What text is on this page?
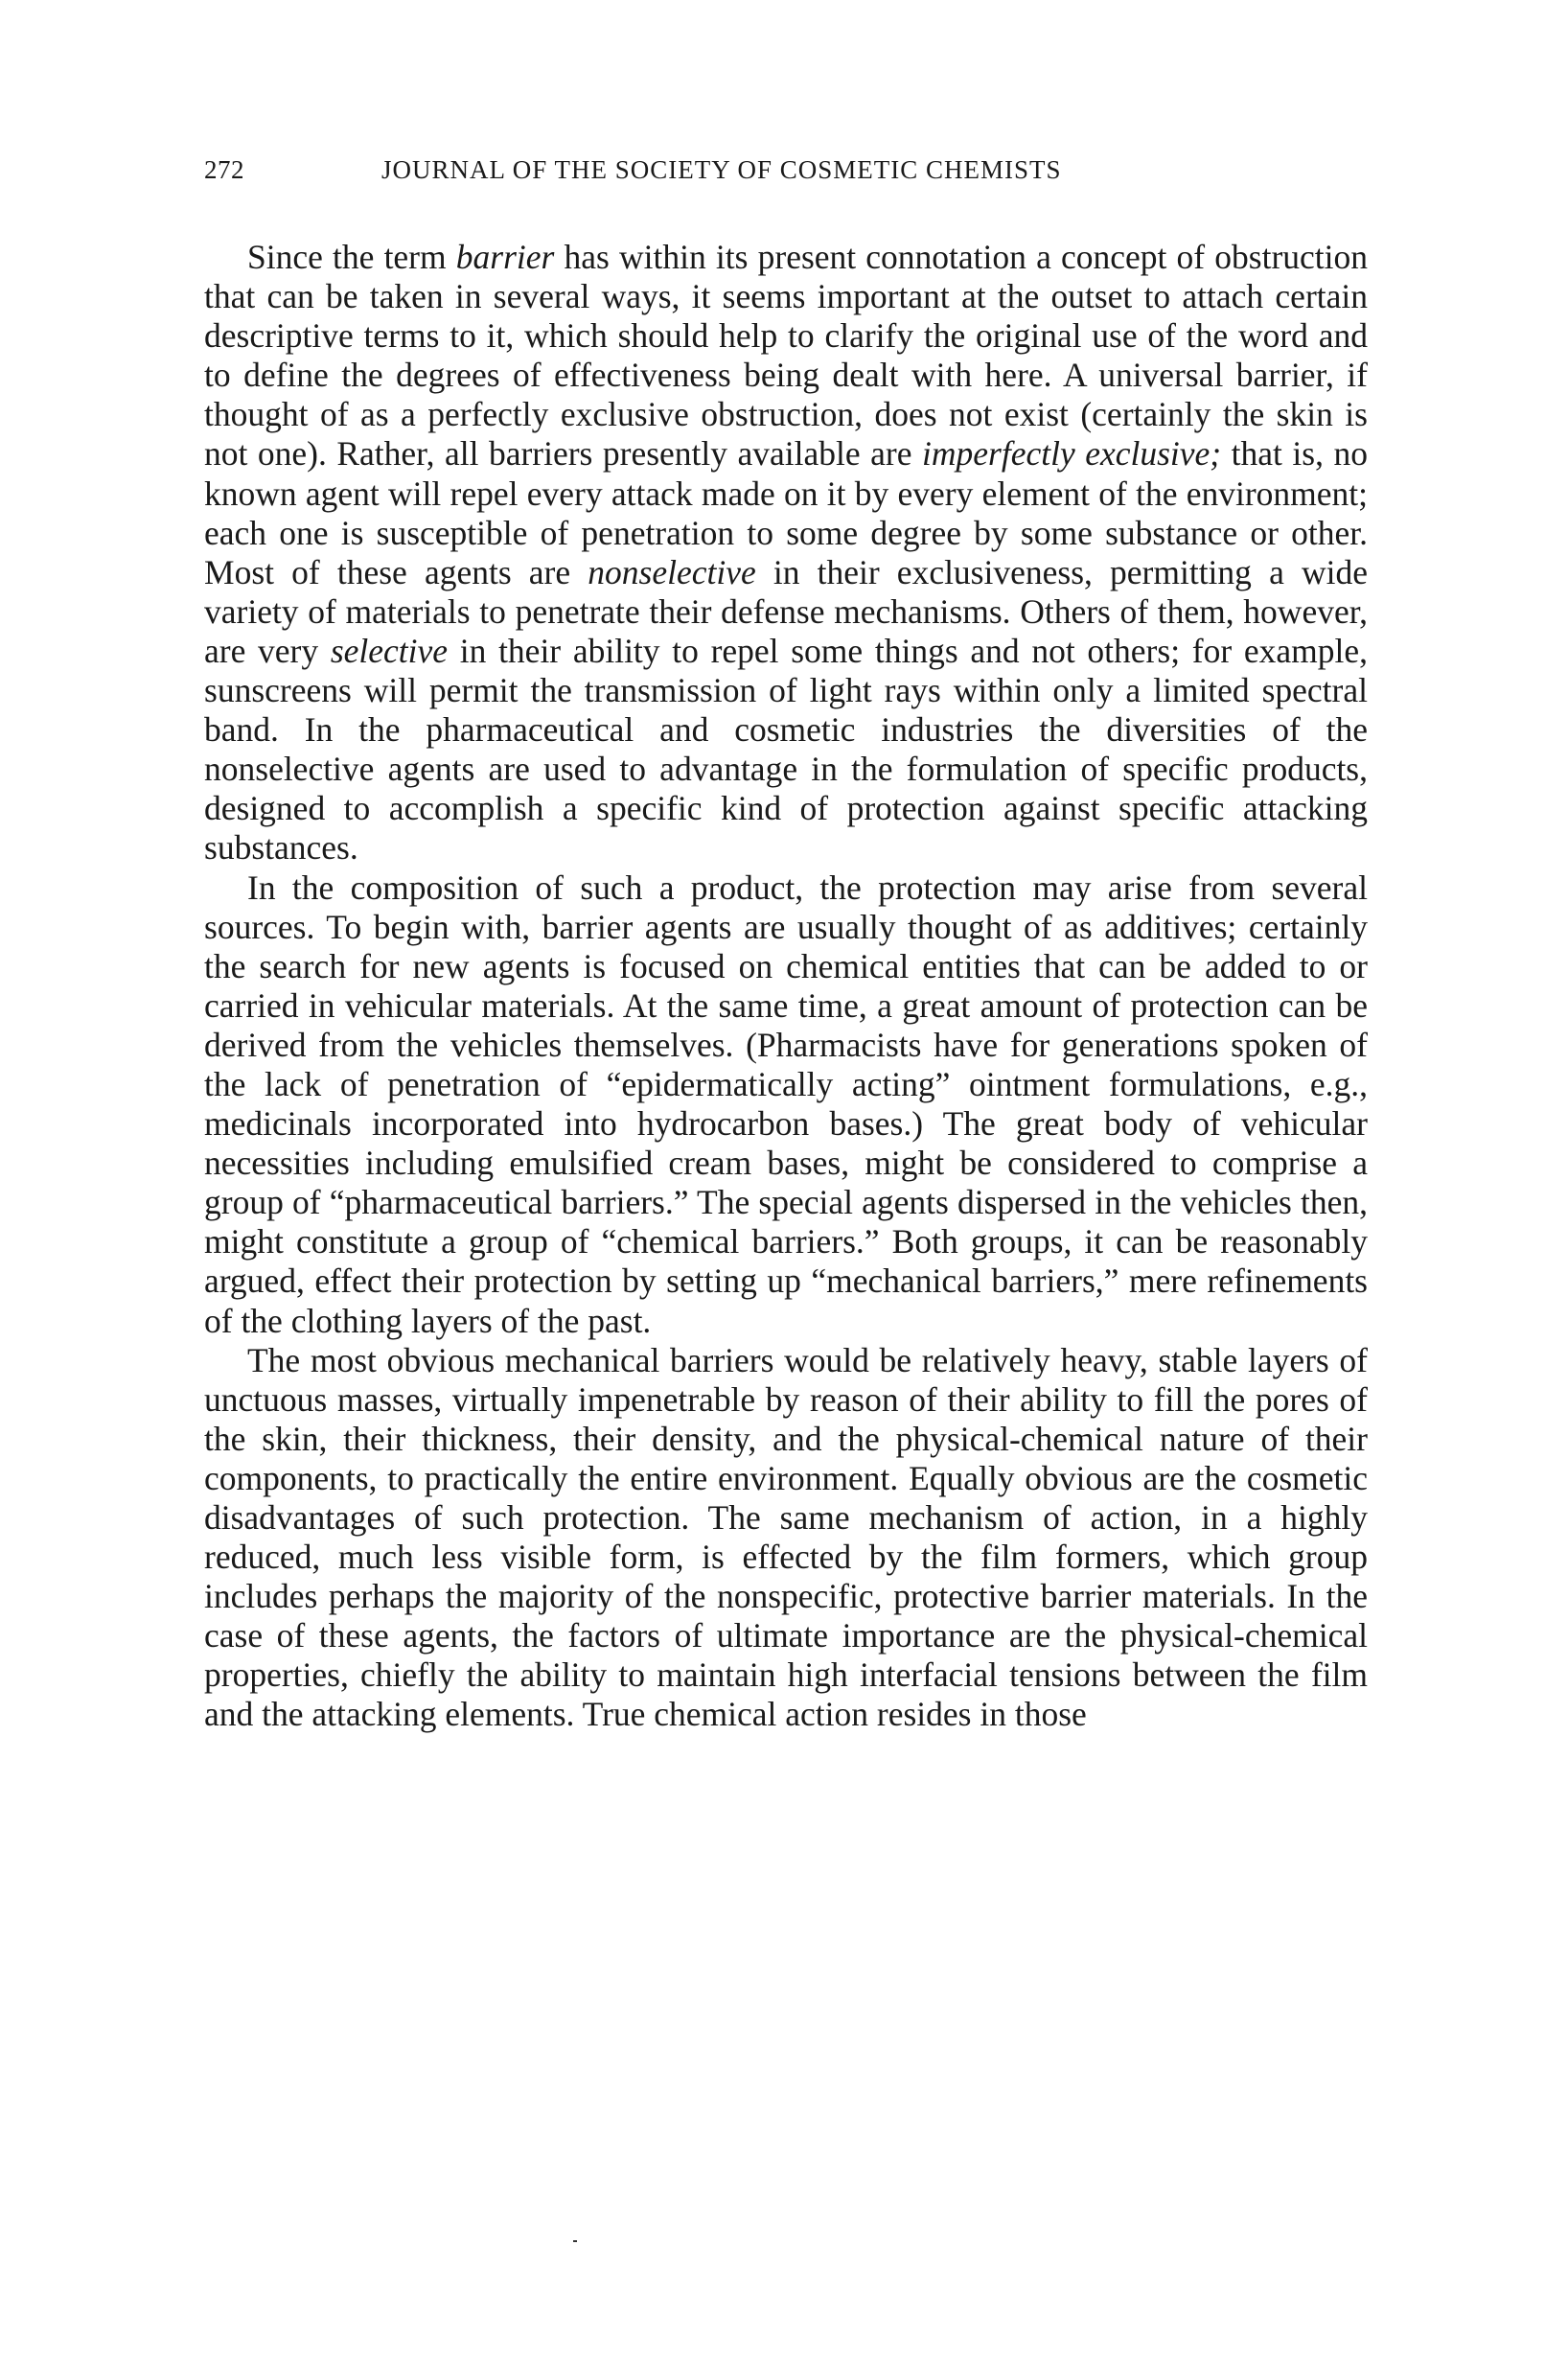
272	JOURNAL OF THE SOCIETY OF COSMETIC CHEMISTS

Since the term barrier has within its present connotation a concept of obstruction that can be taken in several ways, it seems important at the outset to attach certain descriptive terms to it, which should help to clarify the original use of the word and to define the degrees of effectiveness being dealt with here. A universal barrier, if thought of as a perfectly exclusive obstruction, does not exist (certainly the skin is not one). Rather, all barriers presently available are imperfectly exclusive; that is, no known agent will repel every attack made on it by every element of the environment; each one is susceptible of penetration to some degree by some substance or other. Most of these agents are nonselective in their exclusiveness, permitting a wide variety of materials to penetrate their defense mechanisms. Others of them, however, are very selective in their ability to repel some things and not others; for example, sunscreens will permit the transmission of light rays within only a limited spectral band. In the pharmaceutical and cosmetic industries the diversities of the nonselective agents are used to advantage in the formulation of specific products, designed to accomplish a specific kind of protection against specific attacking substances.

In the composition of such a product, the protection may arise from several sources. To begin with, barrier agents are usually thought of as additives; certainly the search for new agents is focused on chemical entities that can be added to or carried in vehicular materials. At the same time, a great amount of protection can be derived from the vehicles themselves. (Pharmacists have for generations spoken of the lack of penetration of “epidermatically acting” ointment formulations, e.g., medicinals incorporated into hydrocarbon bases.) The great body of vehicular necessities including emulsified cream bases, might be considered to comprise a group of “pharmaceutical barriers.” The special agents dispersed in the vehicles then, might constitute a group of “chemical barriers.” Both groups, it can be reasonably argued, effect their protection by setting up “mechanical barriers,” mere refinements of the clothing layers of the past.

The most obvious mechanical barriers would be relatively heavy, stable layers of unctuous masses, virtually impenetrable by reason of their ability to fill the pores of the skin, their thickness, their density, and the physical-chemical nature of their components, to practically the entire environment. Equally obvious are the cosmetic disadvantages of such protection. The same mechanism of action, in a highly reduced, much less visible form, is effected by the film formers, which group includes perhaps the majority of the nonspecific, protective barrier materials. In the case of these agents, the factors of ultimate importance are the physical-chemical properties, chiefly the ability to maintain high interfacial tensions between the film and the attacking elements. True chemical action resides in those
